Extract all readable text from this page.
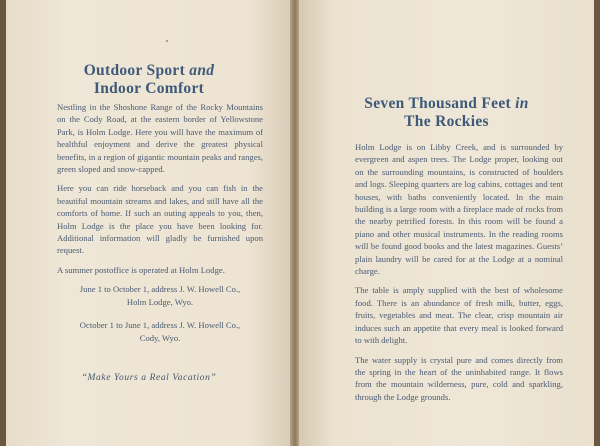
Outdoor Sport and
Indoor Comfort

Nestling in the Shoshone Range of the Rocky Mountains on the Cody Road, at the eastern border of Yellowstone Park, is Holm Lodge. Here you will have the maximum of healthful enjoyment and derive the greatest physical benefits, in a region of gigantic mountain peaks and ranges, green sloped and snow-capped.

Here you can ride horseback and you can fish in the beautiful mountain streams and lakes, and still have all the comforts of home. If such an outing appeals to you, then, Holm Lodge is the place you have been looking for. Additional information will gladly be furnished upon request.

A summer postoffice is operated at Holm Lodge.

June 1 to October 1, address J. W. Howell Co.,
Holm Lodge, Wyo.
October 1 to June 1, address J. W. Howell Co.,
Cody, Wyo.
“Make Yours a Real Vacation”
Seven Thousand Feet in
The Rockies

Holm Lodge is on Libby Creek, and is surrounded by evergreen and aspen trees. The Lodge proper, looking out on the surrounding mountains, is constructed of boulders and logs. Sleeping quarters are log cabins, cottages and tent houses, with baths conveniently located. In the main building is a large room with a fireplace made of rocks from the nearby petrified forests. In this room will be found a piano and other musical instruments. In the reading rooms will be found good books and the latest magazines. Guests’ plain laundry will be cared for at the Lodge at a nominal charge.

The table is amply supplied with the best of wholesome food. There is an abundance of fresh milk, butter, eggs, fruits, vegetables and meat. The clear, crisp mountain air induces such an appetite that every meal is looked forward to with delight.

The water supply is crystal pure and comes directly from the spring in the heart of the uninhabited range. It flows from the mountain wilderness, pure, cold and sparkling, through the Lodge grounds.
